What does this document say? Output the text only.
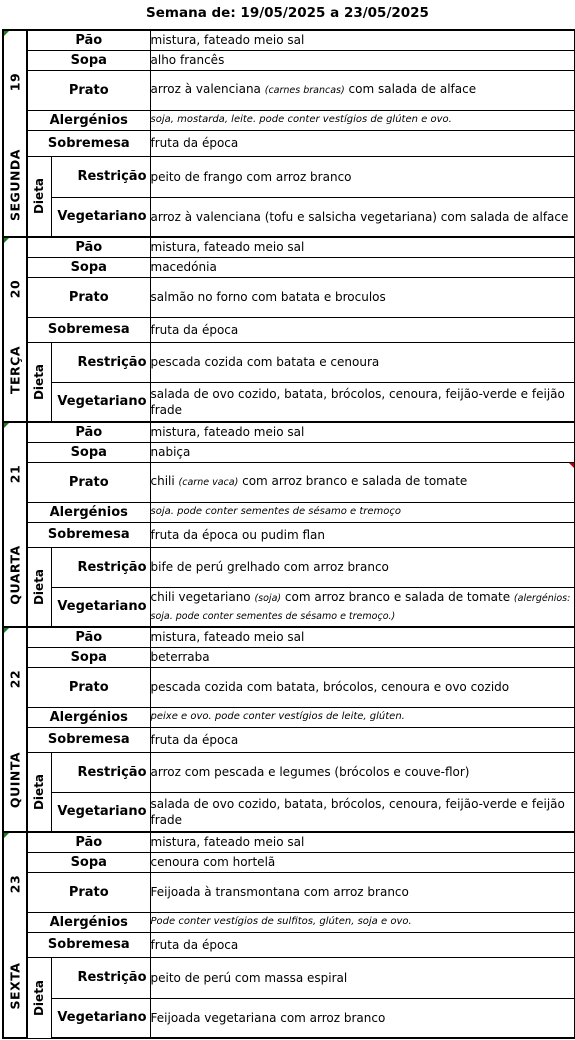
Semana de: 19/05/2025 a 23/05/2025
19
SEGUNDA	Pão		mistura, fateado meio sal
	Sopa		alho francês
	Prato		arroz à valenciana (carnes brancas) com salada de alface
	Alergénios		soja, mostarda, leite. pode conter vestígios de glúten e ovo.
	Sobremesa		fruta da época

	Dieta	Restrição	peito de frango com arroz branco
		Vegetariano	arroz à valenciana (tofu e salsicha vegetariana) com salada de alface

20
TERÇA	Pão		mistura, fateado meio sal
	Sopa		macedónia
	Prato		salmão no forno com batata e broculos
	Sobremesa		fruta da época

	Dieta	Restrição	pescada cozida com batata e cenoura
		Vegetariano	salada de ovo cozido, batata, brócolos, cenoura, feijão-verde e feijão frade

21
QUARTA	Pão		mistura, fateado meio sal
	Sopa		nabiça
	Prato		chili (carne vaca) com arroz branco e salada de tomate

	Alergénios		soja. pode conter sementes de sésamo e tremoço
	Sobremesa		fruta da época ou pudim flan

	Dieta	Restrição	bife de perú grelhado com arroz branco
		Vegetariano	chili vegetariano (soja) com arroz branco e salada de tomate (alergénios: soja. pode conter sementes de sésamo e tremoço.)

22
QUINTA	Pão		mistura, fateado meio sal
	Sopa		beterraba
	Prato		pescada cozida com batata, brócolos, cenoura e ovo cozido
	Alergénios		peixe e ovo. pode conter vestígios de leite, glúten.
	Sobremesa		fruta da época

	Dieta	Restrição	arroz com pescada e legumes (brócolos e couve-flor)
		Vegetariano	salada de ovo cozido, batata, brócolos, cenoura, feijão-verde e feijão frade

23
SEXTA	Pão		mistura, fateado meio sal
	Sopa		cenoura com hortelã
	Prato		Feijoada à transmontana com arroz branco
	Alergénios		Pode conter vestígios de sulfitos, glúten, soja e ovo.
	Sobremesa		fruta da época

	Dieta	Restrição	peito de perú com massa espiral
		Vegetariano	Feijoada vegetariana com arroz branco
